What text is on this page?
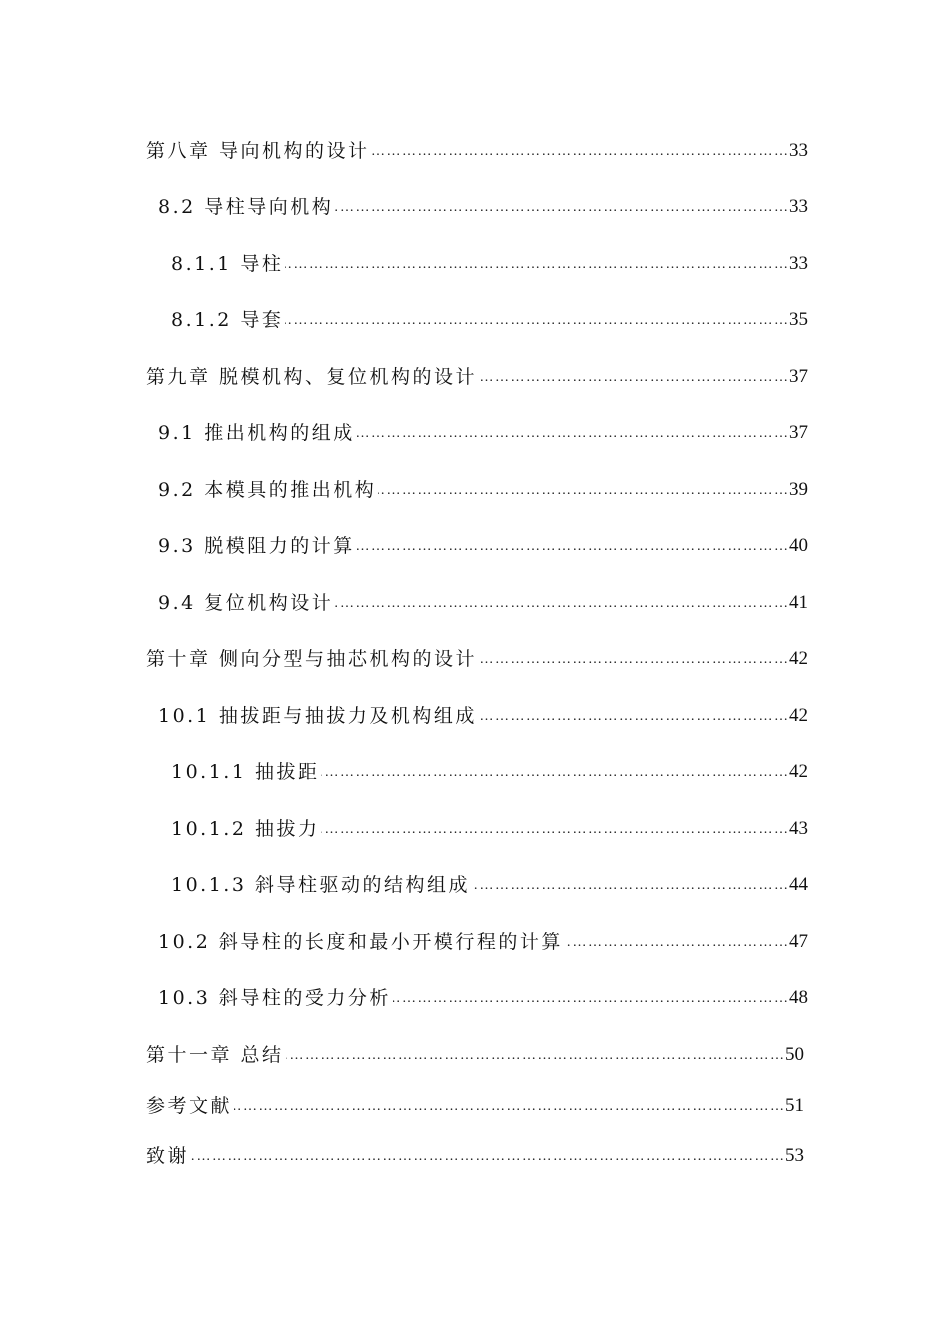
第八章 导向机构的设计 … … … … … … … … … … … … … … … … … … … … … … … … … … … … … … … … … … … … … … … … … … … … … … … … … … … …	33
8.2 导柱导向机构 … … … … … … … … … … … … … … … … … … … … … … … … … … … … … … … … … … … … … … … … … … … … … … … … … … … …	33
8.1.1 导柱 … … … … … … … … … … … … … … … … … … … … … … … … … … … … … … … … … … … … … … … … … … … … … … … … … … … …	33
8.1.2 导套 … … … … … … … … … … … … … … … … … … … … … … … … … … … … … … … … … … … … … … … … … … … … … … … … … … … …	35
第九章 脱模机构、复位机构的设计 … … … … … … … … … … … … … … … … … … … … … … … … … … … … … … … … … … … … … … … … … … … … … … … … … … … …	37
9.1 推出机构的组成 … … … … … … … … … … … … … … … … … … … … … … … … … … … … … … … … … … … … … … … … … … … … … … … … … … … …	37
9.2 本模具的推出机构 … … … … … … … … … … … … … … … … … … … … … … … … … … … … … … … … … … … … … … … … … … … … … … … … … … … …	39
9.3 脱模阻力的计算 … … … … … … … … … … … … … … … … … … … … … … … … … … … … … … … … … … … … … … … … … … … … … … … … … … … …	40
9.4 复位机构设计 … … … … … … … … … … … … … … … … … … … … … … … … … … … … … … … … … … … … … … … … … … … … … … … … … … … …	41
第十章 侧向分型与抽芯机构的设计 … … … … … … … … … … … … … … … … … … … … … … … … … … … … … … … … … … … … … … … … … … … … … … … … … … … …	42
10.1 抽拔距与抽拔力及机构组成 … … … … … … … … … … … … … … … … … … … … … … … … … … … … … … … … … … … … … … … … … … … … … … … … … … … …	42
10.1.1 抽拔距 … … … … … … … … … … … … … … … … … … … … … … … … … … … … … … … … … … … … … … … … … … … … … … … … … … … …	42
10.1.2 抽拔力 … … … … … … … … … … … … … … … … … … … … … … … … … … … … … … … … … … … … … … … … … … … … … … … … … … … …	43
10.1.3 斜导柱驱动的结构组成 … … … … … … … … … … … … … … … … … … … … … … … … … … … … … … … … … … … … … … … … … … … … … … … … … … … …	44
10.2 斜导柱的长度和最小开模行程的计算 … … … … … … … … … … … … … … … … … … … … … … … … … … … … … … … … … … … … … … … … … … … … … … … … … … … …	47
10.3 斜导柱的受力分析 … … … … … … … … … … … … … … … … … … … … … … … … … … … … … … … … … … … … … … … … … … … … … … … … … … … …	48
第十一章 总结 … … … … … … … … … … … … … … … … … … … … … … … … … … … … … … … … … … … … … … … … … … … … … … … … … … … …	50
参考文献 … … … … … … … … … … … … … … … … … … … … … … … … … … … … … … … … … … … … … … … … … … … … … … … … … … … …	51
致谢 … … … … … … … … … … … … … … … … … … … … … … … … … … … … … … … … … … … … … … … … … … … … … … … … … … … …	53
